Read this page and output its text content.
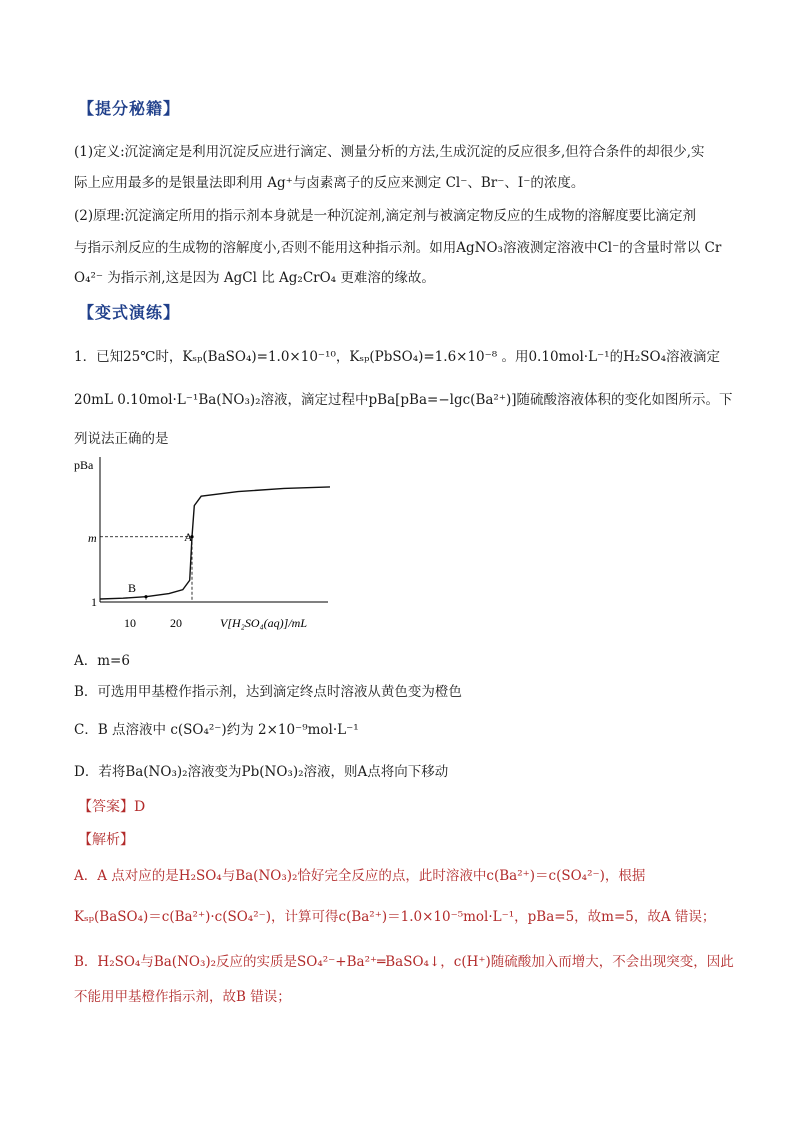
【提分秘籍】
(1)定义:沉淀滴定是利用沉淀反应进行滴定、测量分析的方法,生成沉淀的反应很多,但符合条件的却很少,实
际上应用最多的是银量法即利用 Ag⁺与卤素离子的反应来测定 Cl⁻、Br⁻、I⁻的浓度。
(2)原理:沉淀滴定所用的指示剂本身就是一种沉淀剂,滴定剂与被滴定物反应的生成物的溶解度要比滴定剂
与指示剂反应的生成物的溶解度小,否则不能用这种指示剂。如用AgNO₃溶液测定溶液中Cl⁻的含量时常以 Cr
O₄²⁻ 为指示剂,这是因为 AgCl 比 Ag₂CrO₄ 更难溶的缘故。
【变式演练】
1．已知25℃时，Kₛₚ(BaSO₄)=1.0×10⁻¹⁰，Kₛₚ(PbSO₄)=1.6×10⁻⁸ 。用0.10mol·L⁻¹的H₂SO₄溶液滴定
20mL 0.10mol·L⁻¹Ba(NO₃)₂溶液，滴定过程中pBa[pBa=−lgc(Ba²⁺)]随硫酸溶液体积的变化如图所示。下
列说法正确的是
pBa
V[H₂SO₄(aq)]/mL
10	20
1
m
B
A
A．m=6
B．可选用甲基橙作指示剂，达到滴定终点时溶液从黄色变为橙色
C．B 点溶液中 c(SO₄²⁻)约为 2×10⁻⁹mol·L⁻¹
D．若将Ba(NO₃)₂溶液变为Pb(NO₃)₂溶液，则A点将向下移动
【答案】D
【解析】
A．A 点对应的是H₂SO₄与Ba(NO₃)₂恰好完全反应的点，此时溶液中c(Ba²⁺)＝c(SO₄²⁻)，根据
Kₛₚ(BaSO₄)＝c(Ba²⁺)·c(SO₄²⁻)，计算可得c(Ba²⁺)＝1.0×10⁻⁵mol·L⁻¹，pBa=5，故m=5，故A 错误；
B．H₂SO₄与Ba(NO₃)₂反应的实质是SO₄²⁻+Ba²⁺═BaSO₄↓，c(H⁺)随硫酸加入而增大，不会出现突变，因此
不能用甲基橙作指示剂，故B 错误；
